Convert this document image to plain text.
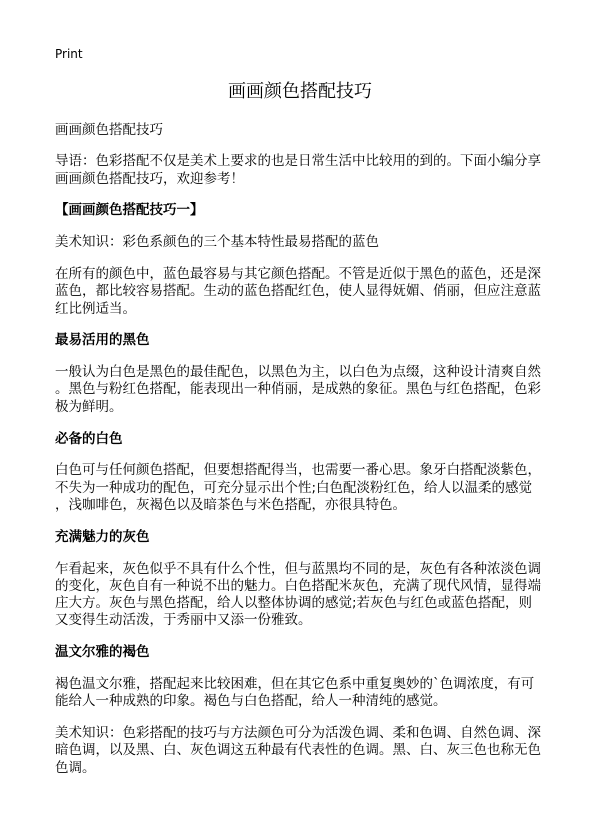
Print
画画颜色搭配技巧

画画颜色搭配技巧

导语：色彩搭配不仅是美术上要求的也是日常生活中比较用的到的。下面小编分享画画颜色搭配技巧，欢迎参考！

【画画颜色搭配技巧一】

美术知识：彩色系颜色的三个基本特性最易搭配的蓝色

在所有的颜色中，蓝色最容易与其它颜色搭配。不管是近似于黑色的蓝色，还是深蓝色，都比较容易搭配。生动的蓝色搭配红色，使人显得妩媚、俏丽，但应注意蓝红比例适当。

最易活用的黑色

一般认为白色是黑色的最佳配色，以黑色为主，以白色为点缀，这种设计清爽自然。黑色与粉红色搭配，能表现出一种俏丽，是成熟的象征。黑色与红色搭配，色彩极为鲜明。

必备的白色

白色可与任何颜色搭配，但要想搭配得当，也需要一番心思。象牙白搭配淡紫色，不失为一种成功的配色，可充分显示出个性;白色配淡粉红色，给人以温柔的感觉，浅咖啡色，灰褐色以及暗茶色与米色搭配，亦很具特色。

充满魅力的灰色

乍看起来，灰色似乎不具有什么个性，但与蓝黑均不同的是，灰色有各种浓淡色调的变化，灰色自有一种说不出的魅力。白色搭配米灰色，充满了现代风情，显得端庄大方。灰色与黑色搭配，给人以整体协调的感觉;若灰色与红色或蓝色搭配，则又变得生动活泼，于秀丽中又添一份雅致。

温文尔雅的褐色

褐色温文尔雅，搭配起来比较困难，但在其它色系中重复奥妙的`色调浓度，有可能给人一种成熟的印象。褐色与白色搭配，给人一种清纯的感觉。

美术知识：色彩搭配的技巧与方法颜色可分为活泼色调、柔和色调、自然色调、深暗色调，以及黑、白、灰色调这五种最有代表性的色调。黑、白、灰三色也称无色色调。
